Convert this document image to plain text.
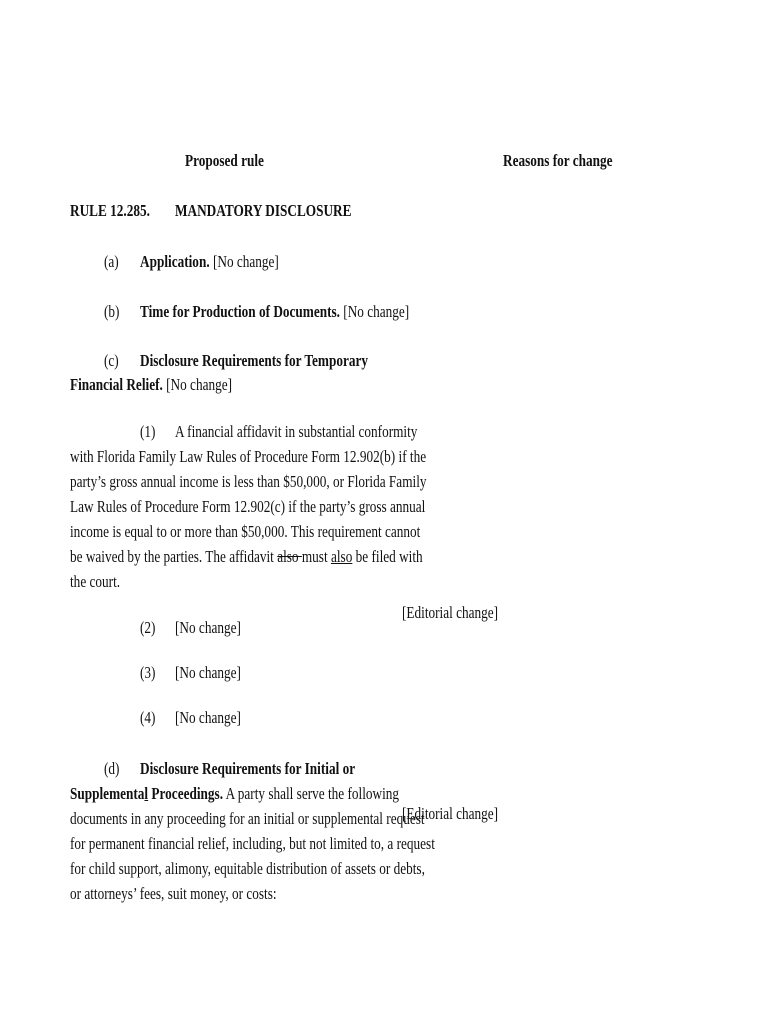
Proposed rule	Reasons for change
RULE 12.285.	MANDATORY DISCLOSURE
(a) Application. [No change]
(b) Time for Production of Documents. [No change]
(c) Disclosure Requirements for Temporary
Financial Relief. [No change]
(1) A financial affidavit in substantial conformity
with Florida Family Law Rules of Procedure Form 12.902(b) if the
party’s gross annual income is less than $50,000, or Florida Family
Law Rules of Procedure Form 12.902(c) if the party’s gross annual
income is equal to or more than $50,000. This requirement cannot
be waived by the parties. The affidavit also must also be filed with
the court.
[Editorial change]
(2) [No change]
(3) [No change]
(4) [No change]
(d) Disclosure Requirements for Initial or
Supplemental Proceedings. A party shall serve the following
documents in any proceeding for an initial or supplemental request
for permanent financial relief, including, but not limited to, a request
for child support, alimony, equitable distribution of assets or debts,
or attorneys’ fees, suit money, or costs:
[Editorial change]
